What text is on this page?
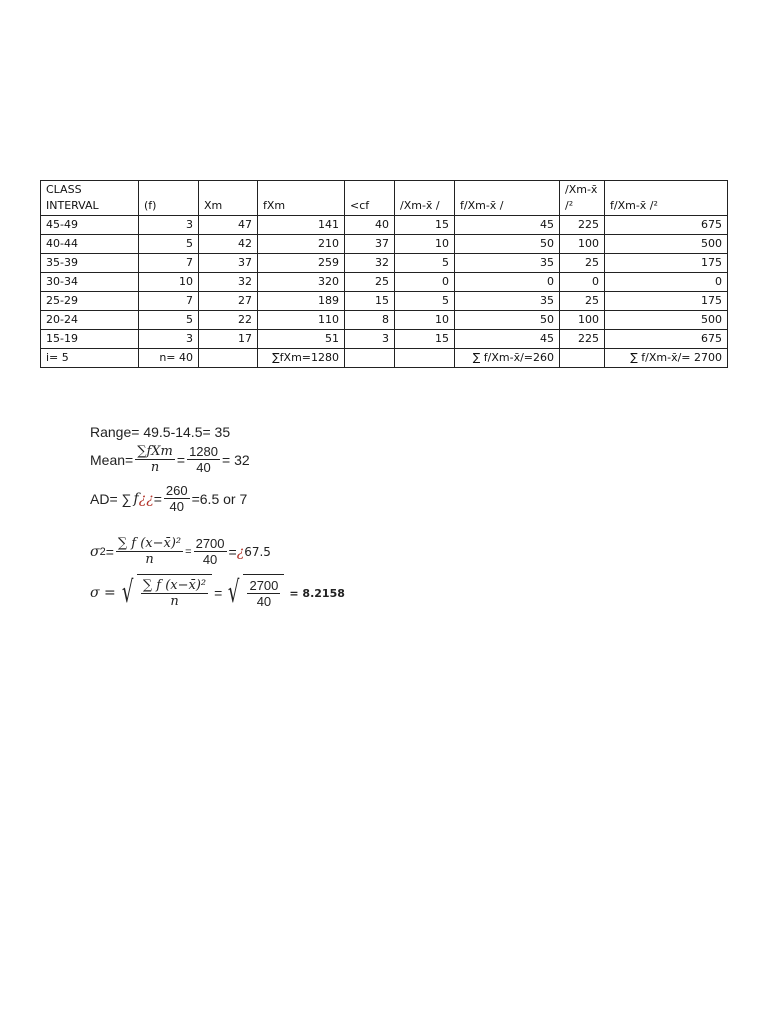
CLASS INTERVAL	(f)	Xm	fXm	<cf	/Xm-x̄ /	f/Xm-x̄ /	/Xm-x̄ /²	f/Xm-x̄ /²
45-49	3	47	141	40	15	45	225	675
40-44	5	42	210	37	10	50	100	500
35-39	7	37	259	32	5	35	25	175
30-34	10	32	320	25	0	0	0	0
25-29	7	27	189	15	5	35	25	175
20-24	5	22	110	8	10	50	100	500
15-19	3	17	51	3	15	45	225	675
i= 5	n= 40		∑fXm=1280			∑ f/Xm-x̄/=260		∑ f/Xm-x̄/= 2700
Range= 49.5-14.5= 35
Mean= $\frac{\text{∑fXm}}{n} = \frac{1280}{40} = 32$
AD= ∑ f ¿¿ = $\frac{260}{40} =6.5$ or 7
σ $2 = \frac{\text{∑ f (x−x̄)²}}{n} = \frac{2700}{40}$ = ¿ 67.5
σ = √ $\frac{\text{∑ f (x−x̄)²}}{n}$ = √ $\frac{2700}{40} = 8.2158$
